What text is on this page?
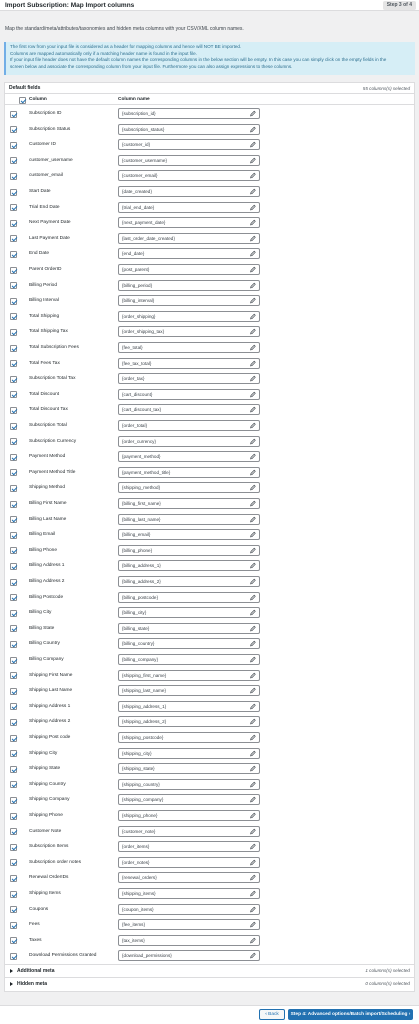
Import Subscription: Map Import columns	Step 3 of 4
Map the standard/meta/attributes/taxonomies and hidden meta columns with your CSV/XML column names.

The first row from your input file is considered as a header for mapping columns and hence will NOT BE imported.

Columns are mapped automatically only if a matching header name is found in the input file.

If your input file header does not have the default column names the corresponding columns in the below section will be empty. In this case you can simply click on the empty fields in the

screen below and associate the corresponding column from your input file. Furthermore you can also assign expressions to these columns.

Default fields	55 columns(s) selected
Column	Column name
Subscription ID	{subscription_id}
Subscription Status	{subscription_status}
Customer ID	{customer_id}
customer_username	{customer_username}
customer_email	{customer_email}
Start Date	{date_created}
Trial End Date	{trial_end_date}
Next Payment Date	{next_payment_date}
Last Payment Date	{last_order_date_created}
End Date	{end_date}
Parent OrderID	{post_parent}
Billing Period	{billing_period}
Billing Interval	{billing_interval}
Total Shipping	{order_shipping}
Total Shipping Tax	{order_shipping_tax}
Total Subscription Fees	{fee_total}
Total Fees Tax	{fee_tax_total}
Subscription Total Tax	{order_tax}
Total Discount	{cart_discount}
Total Discount Tax	{cart_discount_tax}
Subscription Total	{order_total}
Subscription Currency	{order_currency}
Payment Method	{payment_method}
Payment Method Title	{payment_method_title}
Shipping Method	{shipping_method}
Billing First Name	{billing_first_name}
Billing Last Name	{billing_last_name}
Billing Email	{billing_email}
Billing Phone	{billing_phone}
Billing Address 1	{billing_address_1}
Billing Address 2	{billing_address_2}
Billing Postcode	{billing_postcode}
Billing City	{billing_city}
Billing State	{billing_state}
Billing Country	{billing_country}
Billing Company	{billing_company}
Shipping First Name	{shipping_first_name}
Shipping Last Name	{shipping_last_name}
Shipping Address 1	{shipping_address_1}
Shipping Address 2	{shipping_address_2}
Shipping Post code	{shipping_postcode}
Shipping City	{shipping_city}
Shipping State	{shipping_state}
Shipping Country	{shipping_country}
Shipping Company	{shipping_company}
Shipping Phone	{shipping_phone}
Customer Note	{customer_note}
Subscription Items	{order_items}
Subscription order notes	{order_notes}
Renewal OrderIDs	{renewal_orders}
Shipping Items	{shipping_items}
Coupons	{coupon_items}
Fees	{fee_items}
Taxes	{tax_items}
Download Permissions Granted	{download_permissions}
Additional meta	1 columns(s) selected
Hidden meta	0 columns(s) selected
‹ Back	Step 4: Advanced options/Batch import/Scheduling ›
